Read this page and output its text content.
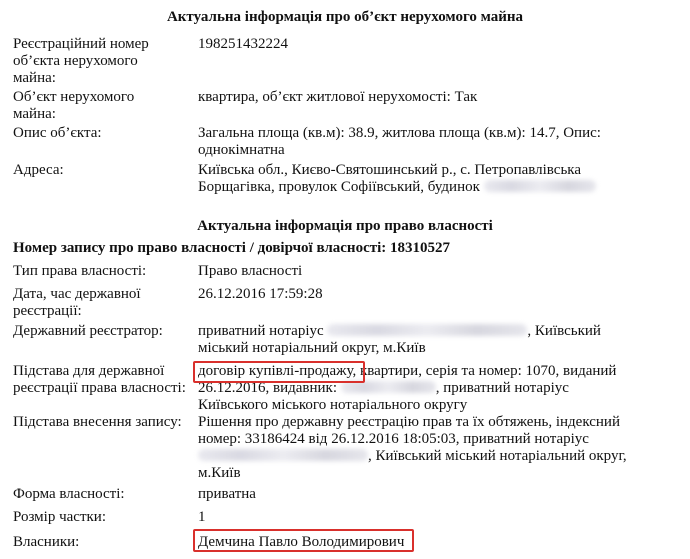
Актуальна інформація про об’єкт нерухомого майна
Реєстраційний номер об’єкта нерухомого майна:
198251432224
Об’єкт нерухомого майна:
квартира, об’єкт житлової нерухомості: Так
Опис об’єкта:	Загальна площа (кв.м): 38.9, житлова площа (кв.м): 14.7, Опис: однокімнатна
Адреса:	Київська обл., Києво-Святошинський р., с. Петропавлівська Борщагівка, провулок Софіївський, будинок
Актуальна інформація про право власності
Номер запису про право власності / довірчої власності: 18310527
Тип права власності:	Право власності
Дата, час державної реєстрації:
26.12.2016 17:59:28
Державний реєстратор:	приватний нотаріус	, Київський міський нотаріальний округ, м.Київ
Підстава для державної реєстрації права власності:
договір купівлі-продажу, квартири, серія та номер: 1070, виданий 26.12.2016, видавник:	, приватний нотаріус Київського міського нотаріального округу
Підстава внесення запису:	Рішення про державну реєстрацію прав та їх обтяжень, індексний номер: 33186424 від 26.12.2016 18:05:03, приватний нотаріус , Київський міський нотаріальний округ, м.Київ
Форма власності:	приватна
Розмір частки:	1
Власники:	Демчина Павло Володимирович
